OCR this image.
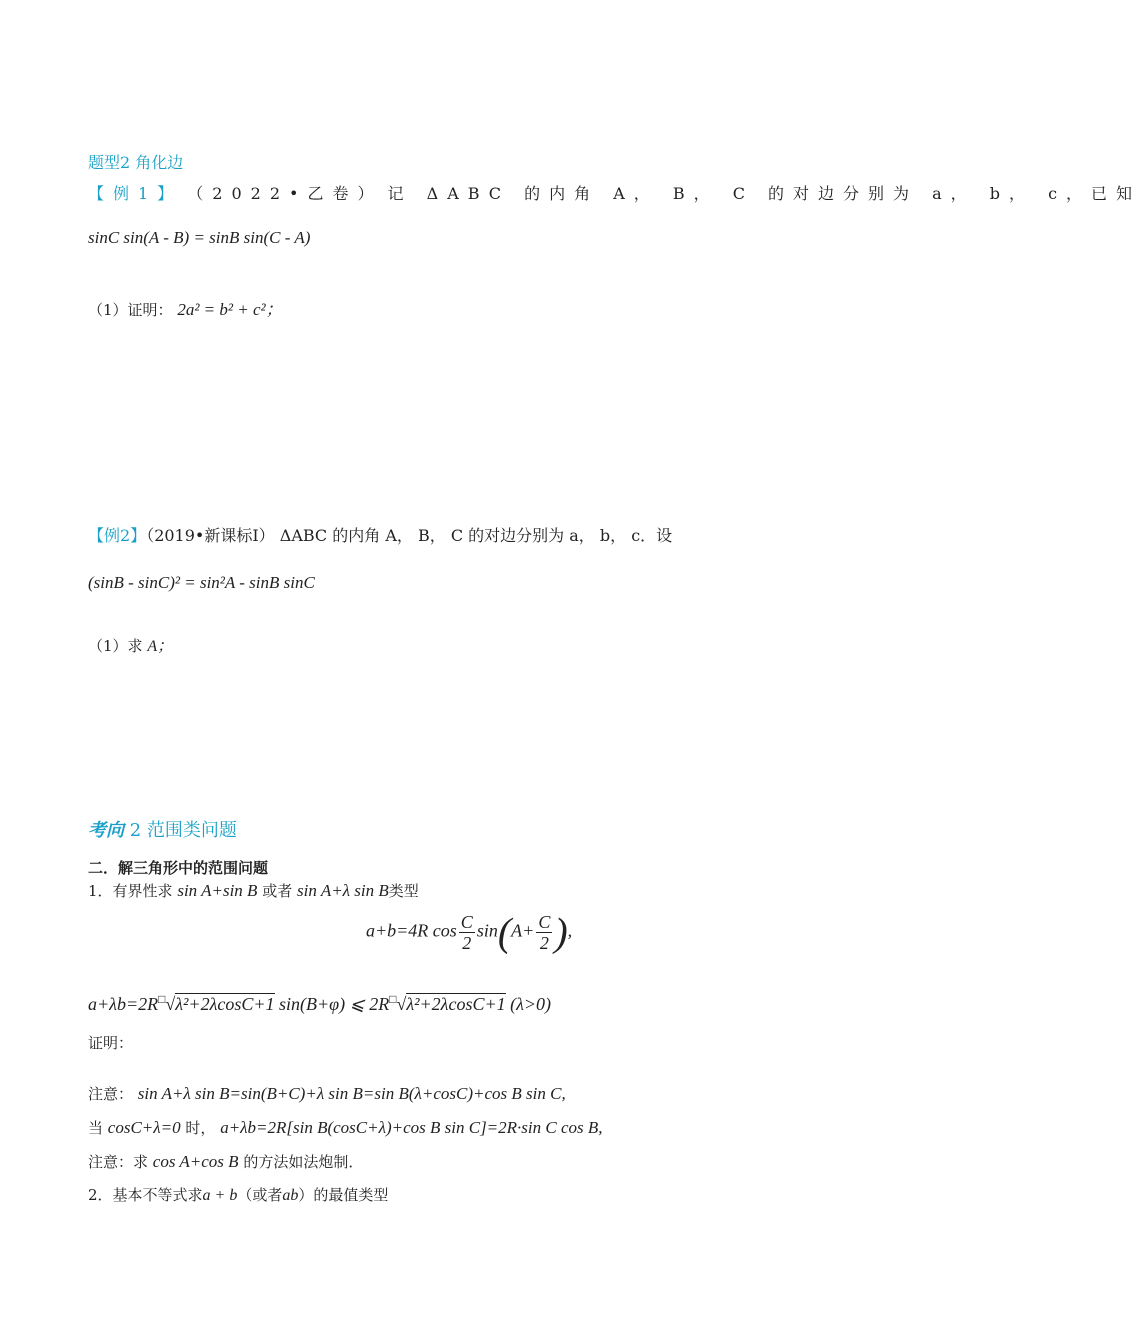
题型2 角化边
【例1】 （2022•乙卷） 记 ΔABC 的内角 A， B， C 的对边分别为 a， b， c，已知
sinC sin(A - B) = sinB sin(C - A)
（1）证明： 2a² = b² + c²；
【例2】（2019•新课标Ⅰ） ΔABC 的内角 A， B， C 的对边分别为 a， b， c．设
(sinB - sinC)² = sin²A - sinB sinC
（1）求 A；
考向 2 范围类问题
二．解三角形中的范围问题
1．有界性求 sin A+sin B 或者 sin A+λ sin B类型
a+b=4R $\cos \frac{C}{2} \sin(A+ \frac{C}{2}$ ),
a+λb=2R□√λ²+2λcosC+1 sin(B+φ) ⩽ 2R□√λ²+2λcosC+1 (λ>0)
证明：
注意： sin A+λ sin B=sin(B+C)+λ sin B=sin B(λ+cosC)+cos B sin C,
当 cosC+λ=0 时， a+λb=2R[sin B(cosC+λ)+cos B sin C]=2R·sin C cos B,
注意：求 cos A+cos B 的方法如法炮制．
2．基本不等式求a + b（或者ab）的最值类型
